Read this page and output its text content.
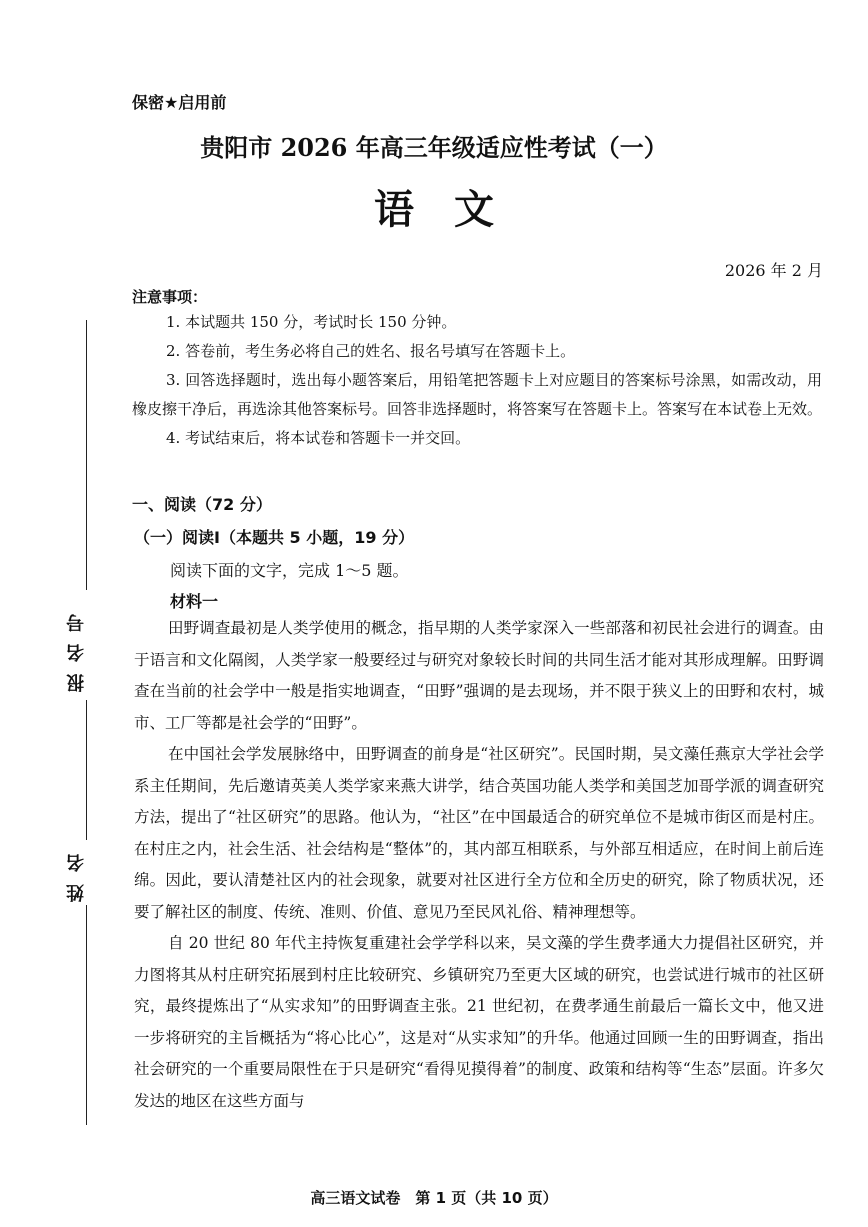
保密★启用前
贵阳市 2026 年高三年级适应性考试（一）
语文
2026 年 2 月
注意事项：

1. 本试题共 150 分，考试时长 150 分钟。

2. 答卷前，考生务必将自己的姓名、报名号填写在答题卡上。

3. 回答选择题时，选出每小题答案后，用铅笔把答题卡上对应题目的答案标号涂黑，如需改动，用橡皮擦干净后，再选涂其他答案标号。回答非选择题时，将答案写在答题卡上。答案写在本试卷上无效。

4. 考试结束后，将本试卷和答题卡一并交回。

一、阅读（72 分）
（一）阅读Ⅰ（本题共 5 小题，19 分）
阅读下面的文字，完成 1～5 题。
材料一

田野调查最初是人类学使用的概念，指早期的人类学家深入一些部落和初民社会进行的调查。由于语言和文化隔阂，人类学家一般要经过与研究对象较长时间的共同生活才能对其形成理解。田野调查在当前的社会学中一般是指实地调查，“田野”强调的是去现场，并不限于狭义上的田野和农村，城市、工厂等都是社会学的“田野”。

在中国社会学发展脉络中，田野调查的前身是“社区研究”。民国时期，吴文藻任燕京大学社会学系主任期间，先后邀请英美人类学家来燕大讲学，结合英国功能人类学和美国芝加哥学派的调查研究方法，提出了“社区研究”的思路。他认为，“社区”在中国最适合的研究单位不是城市街区而是村庄。在村庄之内，社会生活、社会结构是“整体”的，其内部互相联系，与外部互相适应，在时间上前后连绵。因此，要认清楚社区内的社会现象，就要对社区进行全方位和全历史的研究，除了物质状况，还要了解社区的制度、传统、准则、价值、意见乃至民风礼俗、精神理想等。

自 20 世纪 80 年代主持恢复重建社会学学科以来，吴文藻的学生费孝通大力提倡社区研究，并力图将其从村庄研究拓展到村庄比较研究、乡镇研究乃至更大区域的研究，也尝试进行城市的社区研究，最终提炼出了“从实求知”的田野调查主张。21 世纪初，在费孝通生前最后一篇长文中，他又进一步将研究的主旨概括为“将心比心”，这是对“从实求知”的升华。他通过回顾一生的田野调查，指出社会研究的一个重要局限性在于只是研究“看得见摸得着”的制度、政策和结构等“生态”层面。许多欠发达的地区在这些方面与

报名号
姓名
高三语文试卷　第 1 页（共 10 页）
